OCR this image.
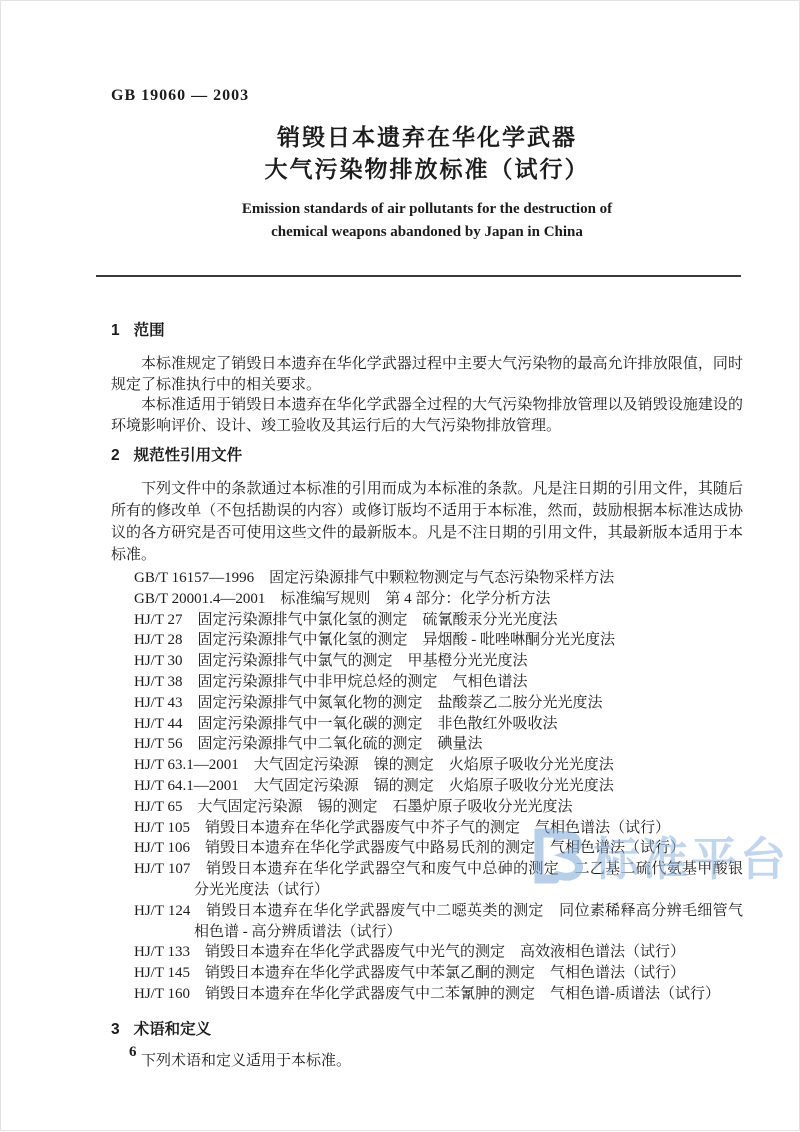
GB 19060 — 2003
销毁日本遗弃在华化学武器
大气污染物排放标准（试行）
Emission standards of air pollutants for the destruction of
chemical weapons abandoned by Japan in China
1 范围

本标准规定了销毁日本遗弃在华化学武器过程中主要大气污染物的最高允许排放限值，同时规定了标准执行中的相关要求。

本标准适用于销毁日本遗弃在华化学武器全过程的大气污染物排放管理以及销毁设施建设的环境影响评价、设计、竣工验收及其运行后的大气污染物排放管理。

2 规范性引用文件

下列文件中的条款通过本标准的引用而成为本标准的条款。凡是注日期的引用文件，其随后所有的修改单（不包括勘误的内容）或修订版均不适用于本标准，然而，鼓励根据本标准达成协议的各方研究是否可使用这些文件的最新版本。凡是不注日期的引用文件，其最新版本适用于本标准。

GB/T 16157—1996　固定污染源排气中颗粒物测定与气态污染物采样方法
GB/T 20001.4—2001　标准编写规则　第 4 部分：化学分析方法
HJ/T 27　固定污染源排气中氯化氢的测定　硫氰酸汞分光光度法
HJ/T 28　固定污染源排气中氰化氢的测定　异烟酸 - 吡唑啉酮分光光度法
HJ/T 30　固定污染源排气中氯气的测定　甲基橙分光光度法
HJ/T 38　固定污染源排气中非甲烷总烃的测定　气相色谱法
HJ/T 43　固定污染源排气中氮氧化物的测定　盐酸萘乙二胺分光光度法
HJ/T 44　固定污染源排气中一氧化碳的测定　非色散红外吸收法
HJ/T 56　固定污染源排气中二氧化硫的测定　碘量法
HJ/T 63.1—2001　大气固定污染源　镍的测定　火焰原子吸收分光光度法
HJ/T 64.1—2001　大气固定污染源　镉的测定　火焰原子吸收分光光度法
HJ/T 65　大气固定污染源　锡的测定　石墨炉原子吸收分光光度法
HJ/T 105　销毁日本遗弃在华化学武器废气中芥子气的测定　气相色谱法（试行）
HJ/T 106　销毁日本遗弃在华化学武器废气中路易氏剂的测定　气相色谱法（试行）
HJ/T 107　销毁日本遗弃在华化学武器空气和废气中总砷的测定　二乙基二硫代氨基甲酸银分光光度法（试行）
HJ/T 124　销毁日本遗弃在华化学武器废气中二噁英类的测定　同位素稀释高分辨毛细管气相色谱 - 高分辨质谱法（试行）
HJ/T 133　销毁日本遗弃在华化学武器废气中光气的测定　高效液相色谱法（试行）
HJ/T 145　销毁日本遗弃在华化学武器废气中苯氯乙酮的测定　气相色谱法（试行）
HJ/T 160　销毁日本遗弃在华化学武器废气中二苯氰胂的测定　气相色谱-质谱法（试行）
3 术语和定义

下列术语和定义适用于本标准。

6
标准平台
